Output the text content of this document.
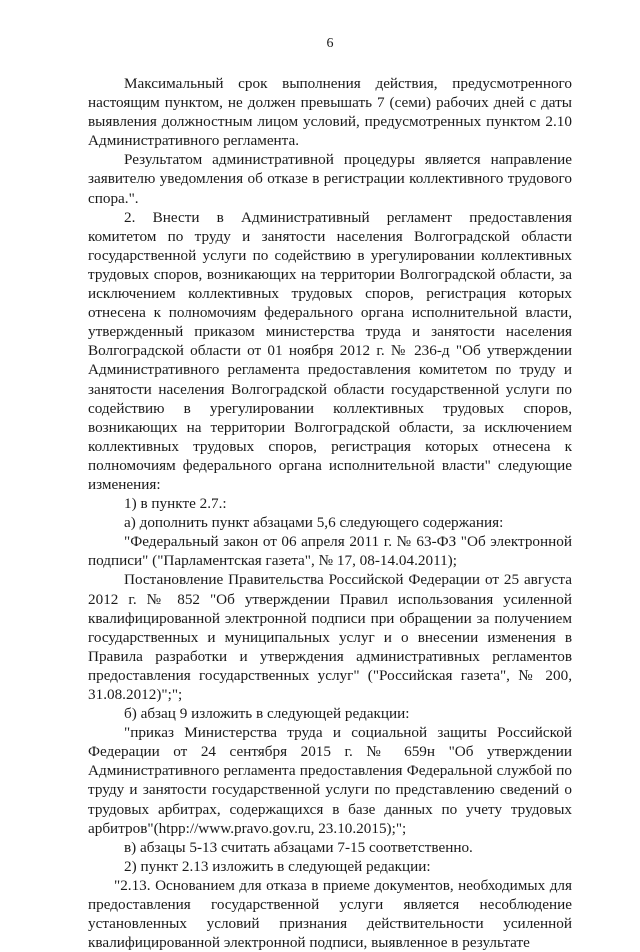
6

Максимальный срок выполнения действия, предусмотренного настоящим пунктом, не должен превышать 7 (семи) рабочих дней с даты выявления должностным лицом условий, предусмотренных пунктом 2.10 Административного регламента.

Результатом административной процедуры является направление заявителю уведомления об отказе в регистрации коллективного трудового спора.".

2. Внести в Административный регламент предоставления комитетом по труду и занятости населения Волгоградской области государственной услуги по содействию в урегулировании коллективных трудовых споров, возникающих на территории Волгоградской области, за исключением коллективных трудовых споров, регистрация которых отнесена к полномочиям федерального органа исполнительной власти, утвержденный приказом министерства труда и занятости населения Волгоградской области от 01 ноября 2012 г. № 236-д "Об утверждении Административного регламента предоставления комитетом по труду и занятости населения Волгоградской области государственной услуги по содействию в урегулировании коллективных трудовых споров, возникающих на территории Волгоградской области, за исключением коллективных трудовых споров, регистрация которых отнесена к полномочиям федерального органа исполнительной власти" следующие изменения:

1) в пункте 2.7.:

а) дополнить пункт абзацами 5,6 следующего содержания:

"Федеральный закон от 06 апреля 2011 г. № 63-ФЗ "Об электронной подписи" ("Парламентская газета", № 17, 08-14.04.2011);

Постановление Правительства Российской Федерации от 25 августа 2012 г. № 852 "Об утверждении Правил использования усиленной квалифицированной электронной подписи при обращении за получением государственных и муниципальных услуг и о внесении изменения в Правила разработки и утверждения административных регламентов предоставления государственных услуг" ("Российская газета", № 200, 31.08.2012)";";

б) абзац 9 изложить в следующей редакции:

"приказ Министерства труда и социальной защиты Российской Федерации от 24 сентября 2015 г. № 659н "Об утверждении Административного регламента предоставления Федеральной службой по труду и занятости государственной услуги по представлению сведений о трудовых арбитрах, содержащихся в базе данных по учету трудовых арбитров"(htpp://www.pravo.gov.ru, 23.10.2015);";

в) абзацы 5-13 считать абзацами 7-15 соответственно.

2) пункт 2.13 изложить в следующей редакции:

"2.13. Основанием для отказа в приеме документов, необходимых для предоставления государственной услуги является несоблюдение установленных условий признания действительности усиленной квалифицированной электронной подписи, выявленное в результате
